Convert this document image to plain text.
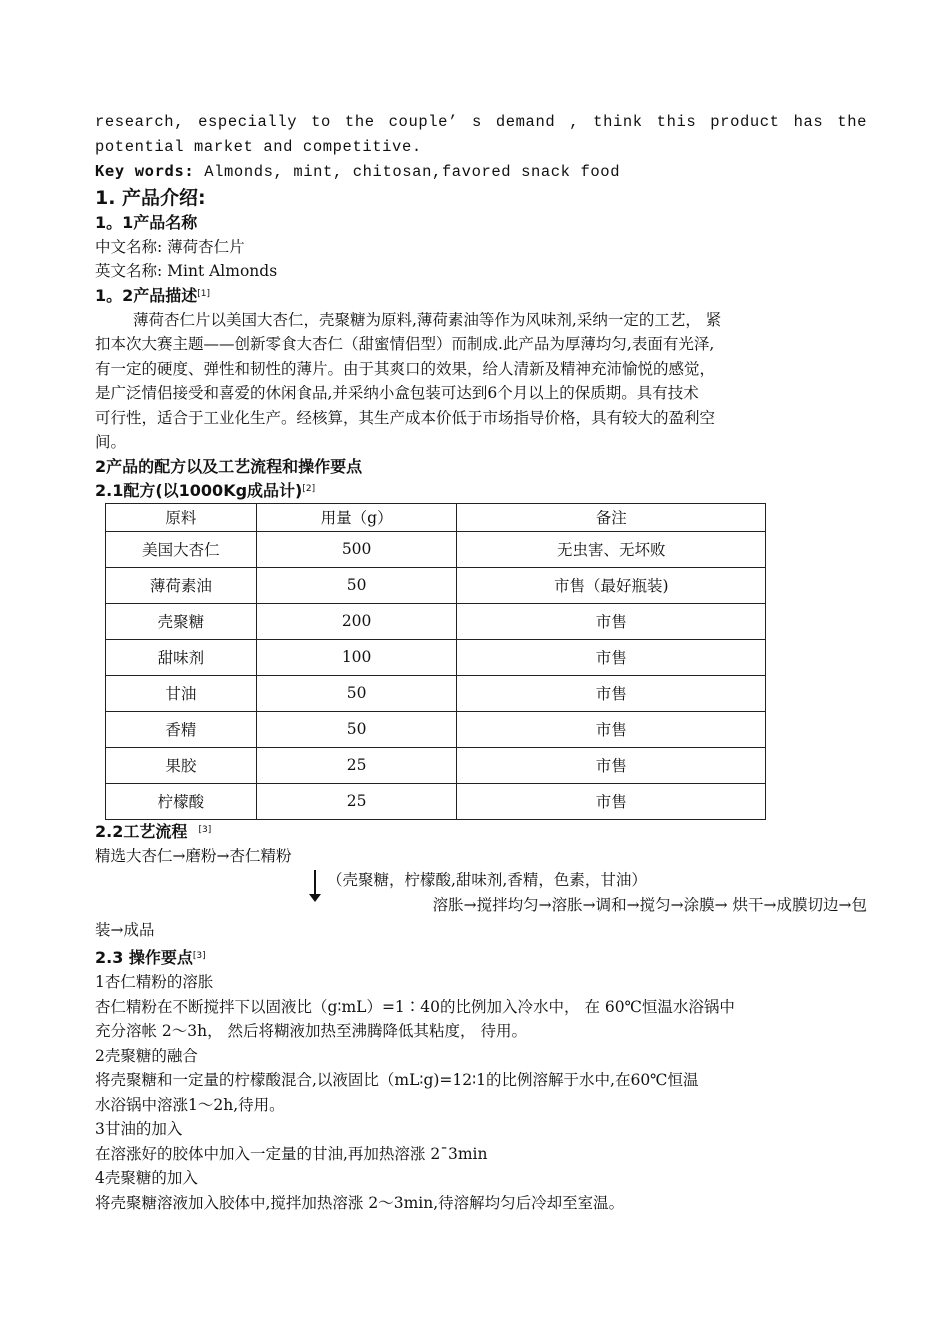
research, especially to the couple’ s demand , think this product has the
potential market and competitive.
Key words: Almonds, mint, chitosan,favored snack food
1. 产品介绍:
1。1产品名称
中文名称: 薄荷杏仁片
英文名称: Mint Almonds
1。2产品描述[1]
薄荷杏仁片以美国大杏仁，壳聚糖为原料,薄荷素油等作为风味剂,采纳一定的工艺， 紧
扣本次大赛主题——创新零食大杏仁（甜蜜情侣型）而制成.此产品为厚薄均匀,表面有光泽,
有一定的硬度、弹性和韧性的薄片。由于其爽口的效果，给人清新及精神充沛愉悦的感觉，
是广泛情侣接受和喜爱的休闲食品,并采纳小盒包装可达到6个月以上的保质期。具有技术
可行性，适合于工业化生产。经核算，其生产成本价低于市场指导价格，具有较大的盈利空
间。
2产品的配方以及工艺流程和操作要点
2.1配方(以1000Kg成品计)[2]
原料	用量（g）	备注
美国大杏仁	500	无虫害、无坏败
薄荷素油	50	市售（最好瓶装)
壳聚糖	200	市售
甜味剂	100	市售
甘油	50	市售
香精	50	市售
果胶	25	市售
柠檬酸	25	市售
2.2工艺流程 [3]
精选大杏仁→磨粉→杏仁精粉
（壳聚糖，柠檬酸,甜味剂,香精，色素，甘油）
溶胀→搅拌均匀→溶胀→调和→搅匀→涂膜→ 烘干→成膜切边→包
装→成品
2.3 操作要点[3]
1杏仁精粉的溶胀
杏仁精粉在不断搅拌下以固液比（g∶mL）=1∶40的比例加入冷水中， 在 60℃恒温水浴锅中
充分溶帐 2～3h， 然后将糊液加热至沸腾降低其粘度， 待用。
2壳聚糖的融合
将壳聚糖和一定量的柠檬酸混合,以液固比（mL∶g)=12∶1的比例溶解于水中,在60℃恒温
水浴锅中溶涨1～2h,待用。
3甘油的加入
在溶涨好的胶体中加入一定量的甘油,再加热溶涨 2¯3min
4壳聚糖的加入
将壳聚糖溶液加入胶体中,搅拌加热溶涨 2～3min,待溶解均匀后冷却至室温。
